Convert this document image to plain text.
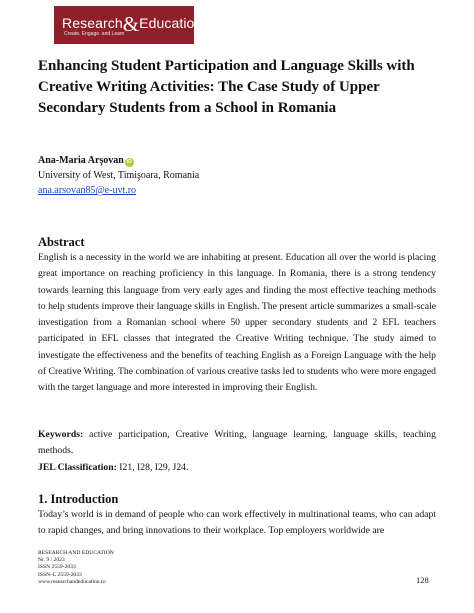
Research&Education
Create. Engage. and Learn
Enhancing Student Participation and Language Skills with Creative Writing Activities: The Case Study of Upper Secondary Students from a School in Romania
Ana-Maria Arşovan iD
University of West, Timişoara, Romania
ana.arsovan85@e-uvt.ro
Abstract
English is a necessity in the world we are inhabiting at present. Education all over the world is placing great importance on reaching proficiency in this language. In Romania, there is a strong tendency towards learning this language from very early ages and finding the most effective teaching methods to help students improve their language skills in English. The present article summarizes a small-scale investigation from a Romanian school where 50 upper secondary students and 2 EFL teachers participated in EFL classes that integrated the Creative Writing technique. The study aimed to investigate the effectiveness and the benefits of teaching English as a Foreign Language with the help of Creative Writing. The combination of various creative tasks led to students who were more engaged with the target language and more interested in improving their English.

Keywords: active participation, Creative Writing, language learning, language skills, teaching methods.

JEL Classification: I21, I28, I29, J24.

1. Introduction
Today’s world is in demand of people who can work effectively in multinational teams, who can adapt to rapid changes, and bring innovations to their workplace. Top employers worldwide are
RESEARCH AND EDUCATION
Nr. 9 / 2023
ISSN 2559-2033
ISSN–L 2559-2033
www.researchandeducation.ro	128
